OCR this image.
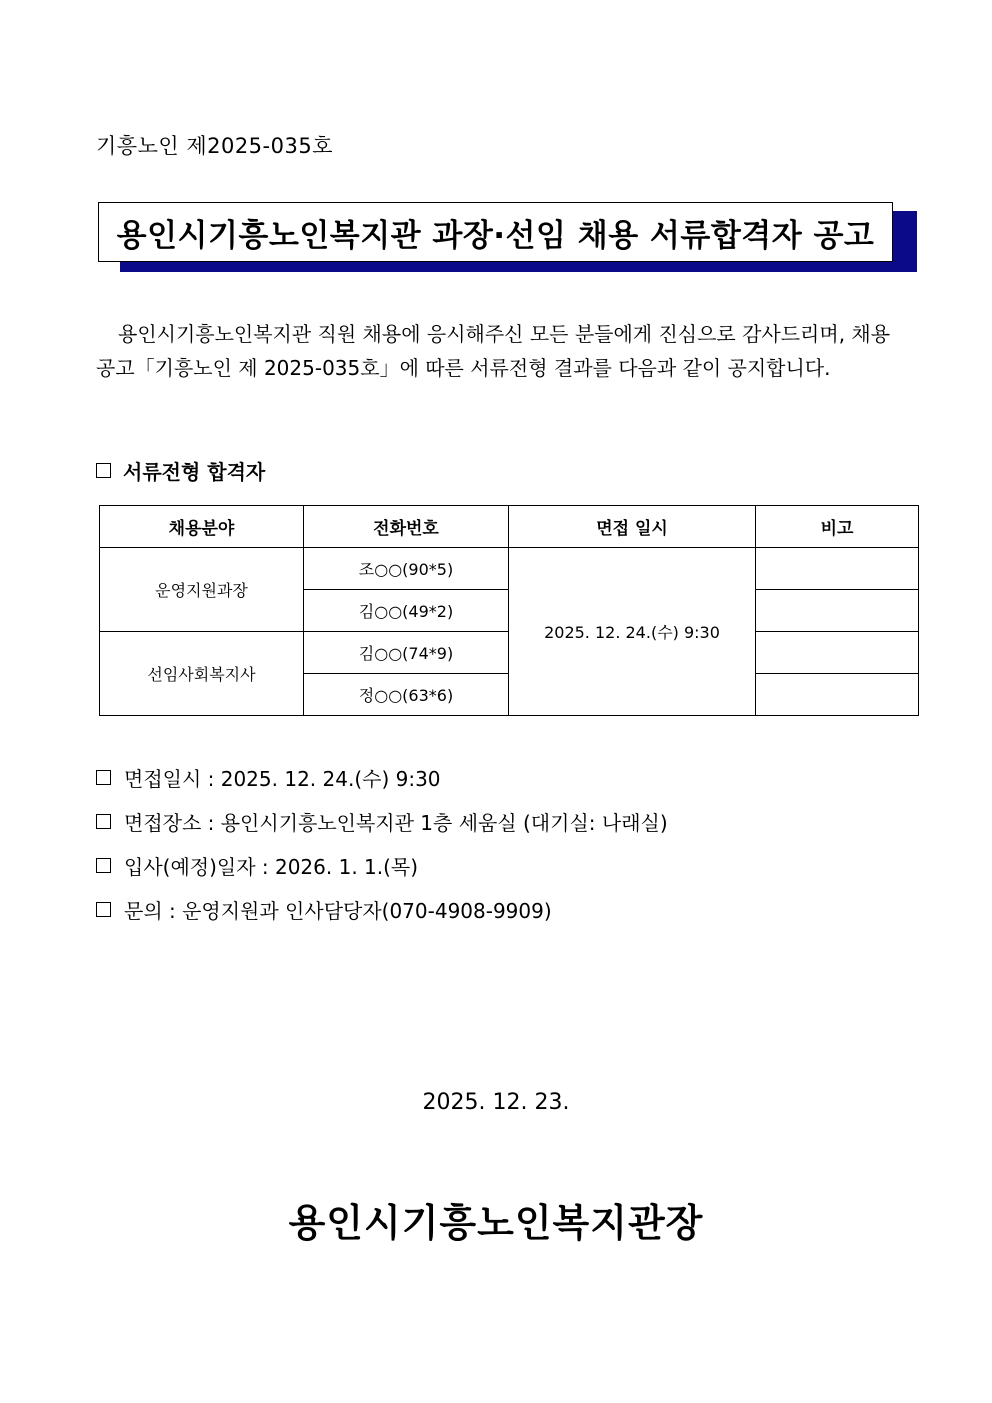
기흥노인 제2025-035호
용인시기흥노인복지관 과장·선임 채용 서류합격자 공고
용인시기흥노인복지관 직원 채용에 응시해주신 모든 분들에게 진심으로 감사드리며, 채용
공고「기흥노인 제 2025-035호」에 따른 서류전형 결과를 다음과 같이 공지합니다.
서류전형 합격자
채용분야	전화번호	면접 일시	비고
운영지원과장	조○○(90*5)	2025. 12. 24.(수) 9:30	
	김○○(49*2)		
선임사회복지사	김○○(74*9)		
	정○○(63*6)		
면접일시 : 2025. 12. 24.(수) 9:30
면접장소 : 용인시기흥노인복지관 1층 세움실 (대기실: 나래실)
입사(예정)일자 : 2026. 1. 1.(목)
문의 : 운영지원과 인사담당자(070-4908-9909)
2025. 12. 23.
용인시기흥노인복지관장
